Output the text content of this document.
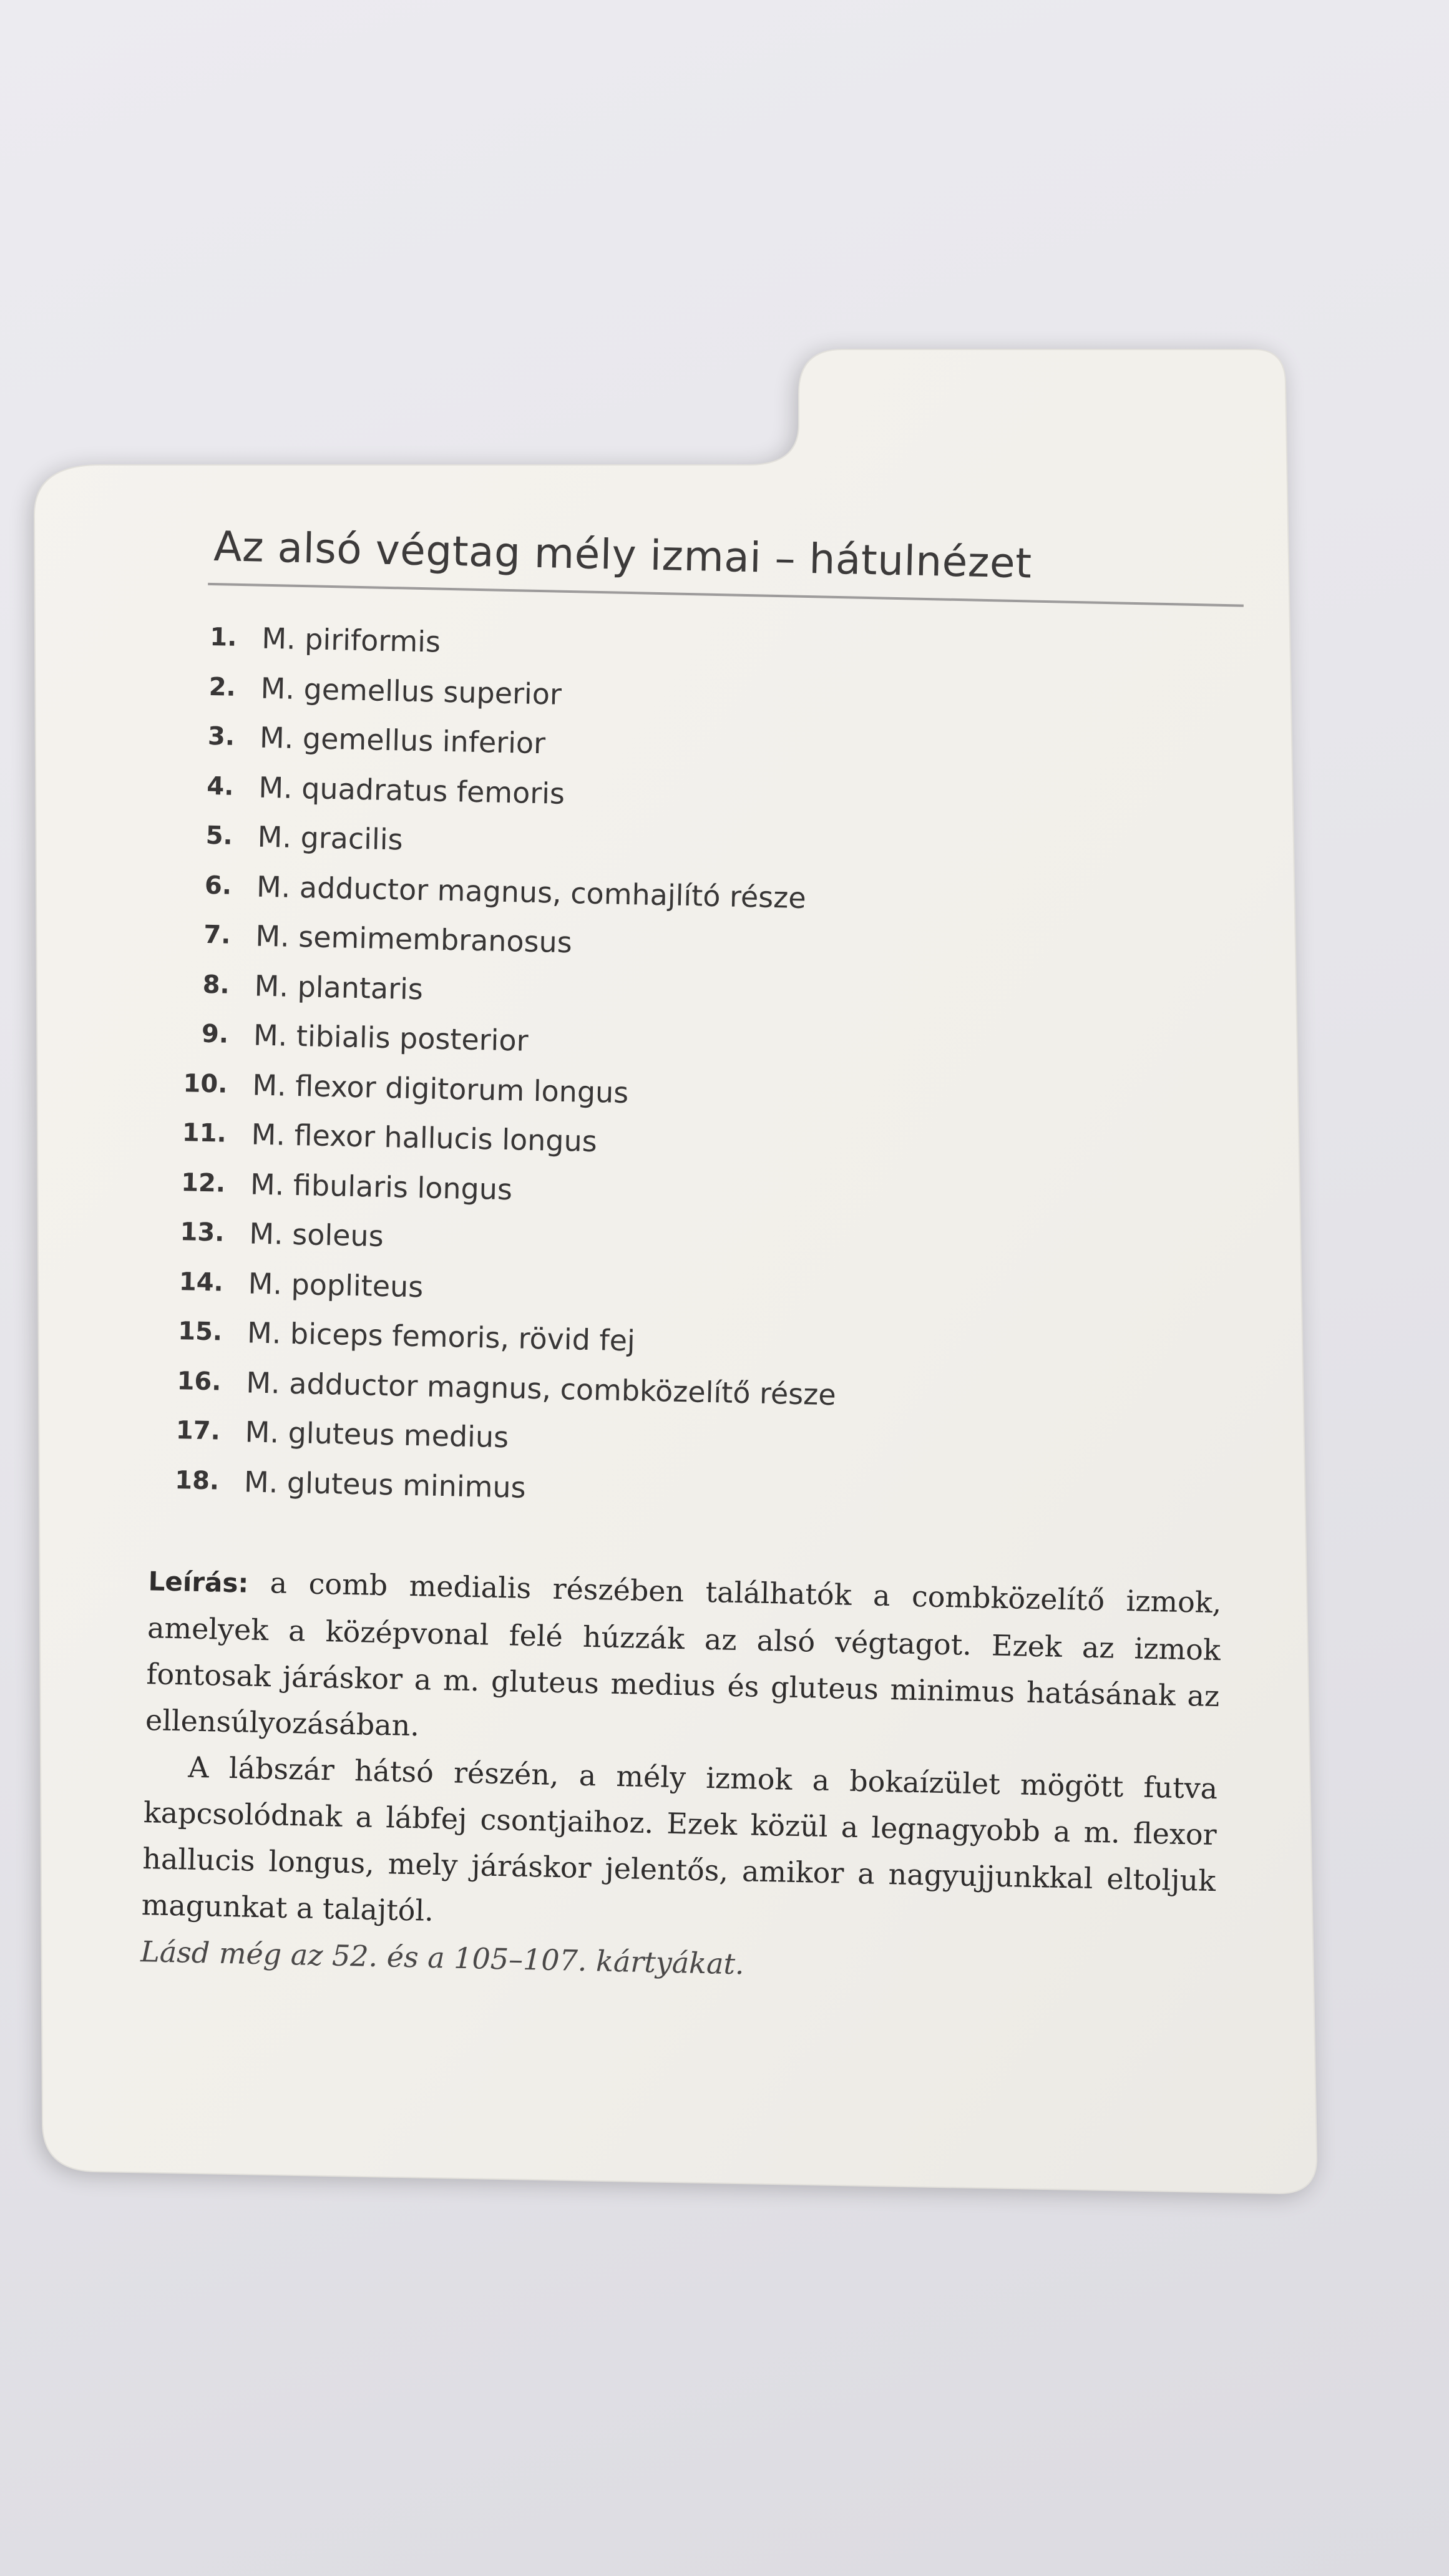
Az alsó végtag mély izmai – hátulnézet
1. M. piriformis
2. M. gemellus superior
3. M. gemellus inferior
4. M. quadratus femoris
5. M. gracilis
6. M. adductor magnus, comhajlító része
7. M. semimembranosus
8. M. plantaris
9. M. tibialis posterior
10. M. flexor digitorum longus
11. M. flexor hallucis longus
12. M. fibularis longus
13. M. soleus
14. M. popliteus
15. M. biceps femoris, rövid fej
16. M. adductor magnus, combközelítő része
17. M. gluteus medius
18. M. gluteus minimus

Leírás: a comb medialis részében találhatók a combközelítő izmok, amelyek a középvonal felé húzzák az alsó végtagot. Ezek az izmok fontosak járáskor a m. gluteus medius és gluteus minimus hatásának az ellensúlyozásában.

A lábszár hátsó részén, a mély izmok a bokaízület mögött futva kapcsolódnak a lábfej csontjaihoz. Ezek közül a legnagyobb a m. flexor hallucis longus, mely járáskor jelentős, amikor a nagyujjunkkal eltoljuk magunkat a talajtól.

Lásd még az 52. és a 105–107. kártyákat.
